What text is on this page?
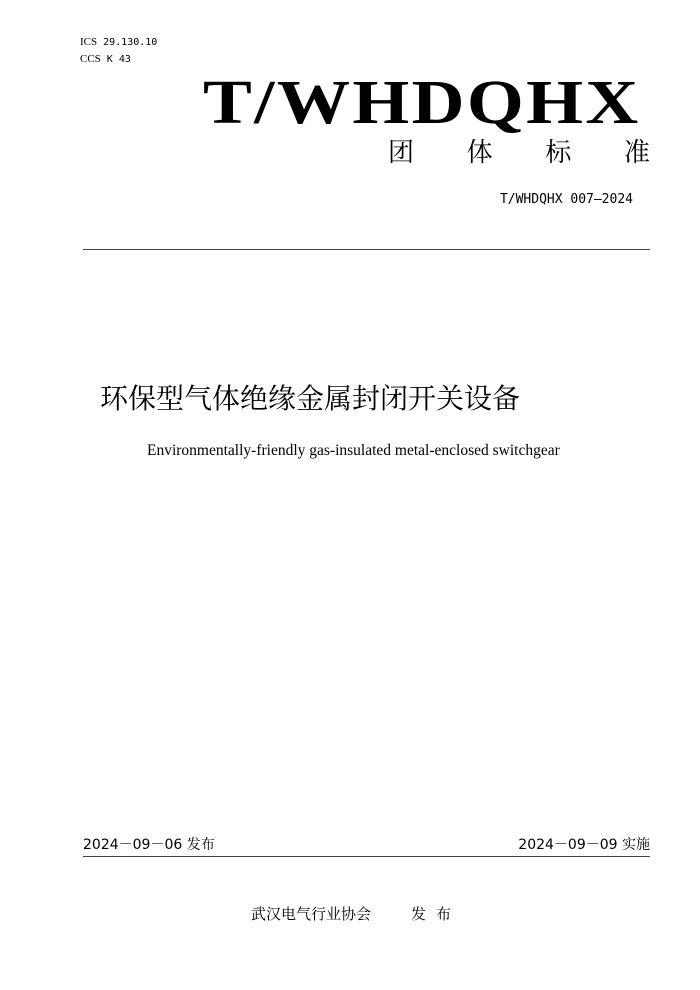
ICS 29.130.10
CCS K 43
T/WHDQHX
团 体 标 准
T/WHDQHX 007—2024
环保型气体绝缘金属封闭开关设备
Environmentally-friendly gas-insulated metal-enclosed switchgear
2024－09－06 发布	2024－09－09 实施
武汉电气行业协会	发布
